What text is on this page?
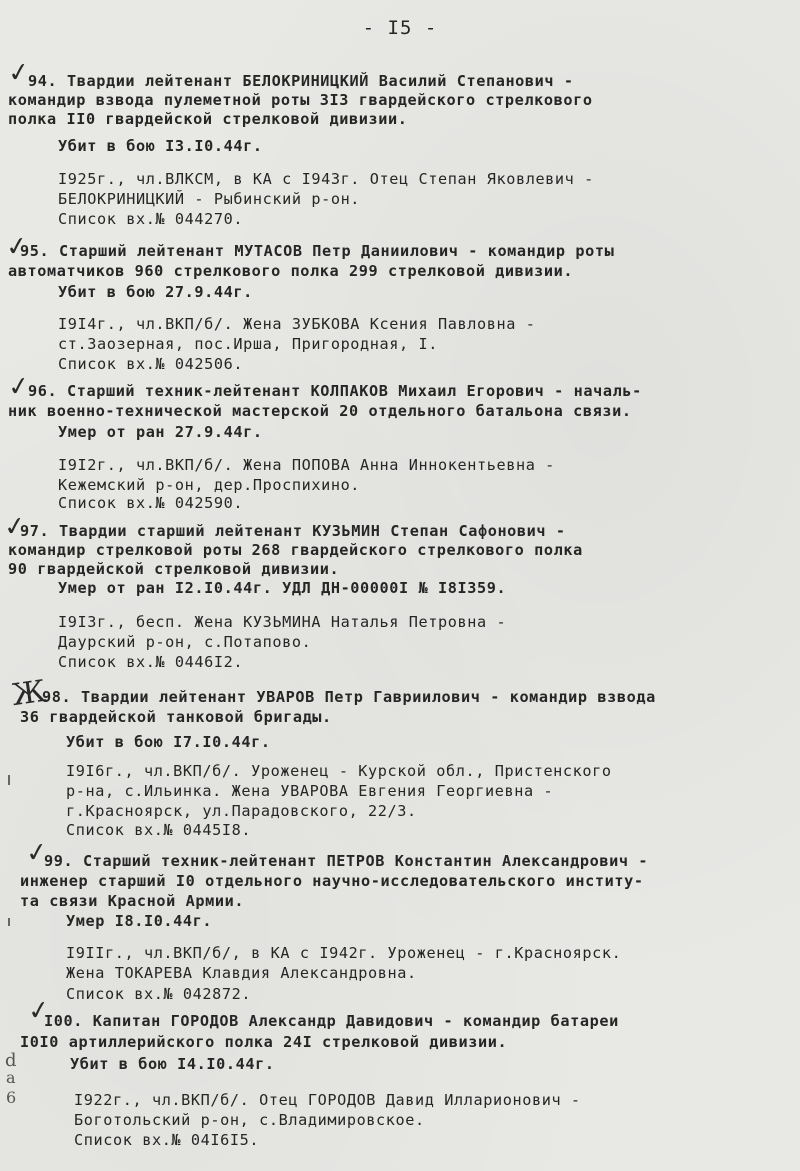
- I5 -
d
a
6
✓
94. Твардии лейтенант БЕЛОКРИНИЦКИЙ Василий Степанович -
командир взвода пулеметной роты 3I3 гвардейского стрелкового
полка II0 гвардейской стрелковой дивизии.
Убит в бою I3.I0.44г.
I925г., чл.ВЛКСМ, в КА с I943г. Отец Степан Яковлевич -
БЕЛОКРИНИЦКИЙ - Рыбинский р-он.
Список вх.№ 044270.
✓
95. Старший лейтенант МУТАСОВ Петр Даниилович - командир роты
автоматчиков 960 стрелкового полка 299 стрелковой дивизии.
Убит в бою 27.9.44г.
I9I4г., чл.ВКП/б/. Жена ЗУБКОВА Ксения Павловна -
ст.Заозерная, пос.Ирша, Пригородная, I.
Список вх.№ 042506.
✓
96. Старший техник-лейтенант КОЛПАКОВ Михаил Егорович - началь-
ник военно-технической мастерской 20 отдельного батальона связи.
Умер от ран 27.9.44г.
I9I2г., чл.ВКП/б/. Жена ПОПОВА Анна Иннокентьевна -
Кежемский р-он, дер.Проспихино.
Список вх.№ 042590.
✓
97. Твардии старший лейтенант КУЗЬМИН Степан Сафонович -
командир стрелковой роты 268 гвардейского стрелкового полка
90 гвардейской стрелковой дивизии.
Умер от ран I2.I0.44г. УДЛ ДН-00000I № I8I359.
I9I3г., бесп. Жена КУЗЬМИНА Наталья Петровна -
Даурский р-он, с.Потапово.
Список вх.№ 0446I2.
Ж
98. Твардии лейтенант УВАРОВ Петр Гавриилович - командир взвода
36 гвардейской танковой бригады.
Убит в бою I7.I0.44г.
I9I6г., чл.ВКП/б/. Уроженец - Курской обл., Пристенского
р-на, с.Ильинка. Жена УВАРОВА Евгения Георгиевна -
г.Красноярск, ул.Парадовского, 22/3.
Список вх.№ 0445I8.
✓
99. Старший техник-лейтенант ПЕТРОВ Константин Александрович -
инженер старший I0 отдельного научно-исследовательского институ-
та связи Красной Армии.
Умер I8.I0.44г.
I9IIг., чл.ВКП/б/, в КА с I942г. Уроженец - г.Красноярск.
Жена ТОКАРЕВА Клавдия Александровна.
Список вх.№ 042872.
✓
I00. Капитан ГОРОДОВ Александр Давидович - командир батареи
I0I0 артиллерийского полка 24I стрелковой дивизии.
Убит в бою I4.I0.44г.
I922г., чл.ВКП/б/. Отец ГОРОДОВ Давид Илларионович -
Боготольский р-он, с.Владимировское.
Список вх.№ 04I6I5.
